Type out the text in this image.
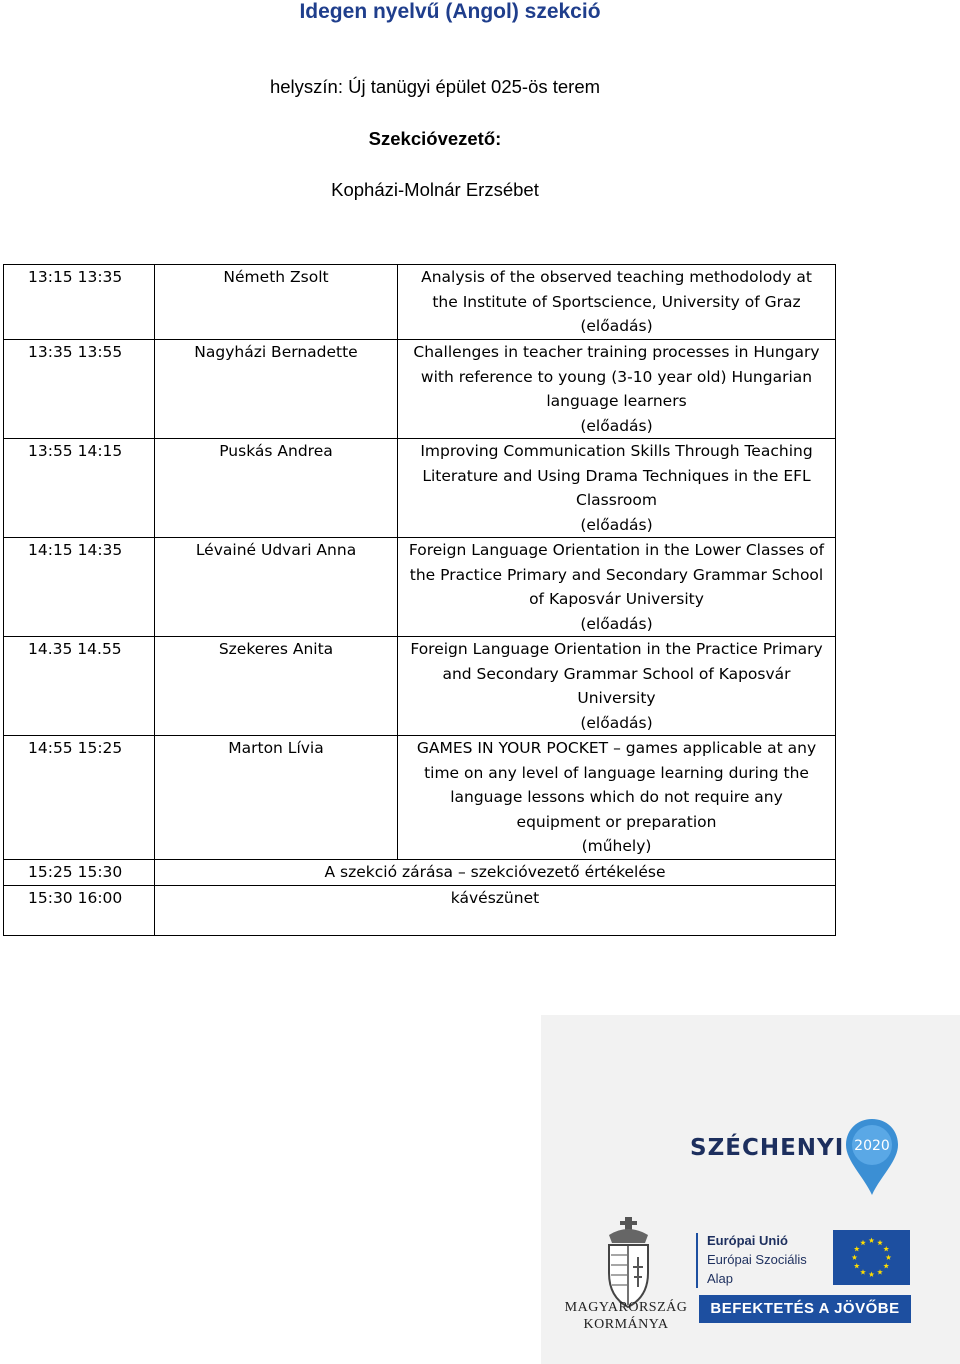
Idegen nyelvű (Angol) szekció
helyszín: Új tanügyi épület 025-ös terem
Szekcióvezető:
Kopházi-Molnár Erzsébet
13:15 13:35	Németh Zsolt	Analysis of the observed teaching methodolody at the Institute of Sportscience, University of Graz
(előadás)

13:35 13:55	Nagyházi Bernadette	Challenges in teacher training processes in Hungary with reference to young (3-10 year old) Hungarian language learners
(előadás)

13:55 14:15	Puskás Andrea	Improving Communication Skills Through Teaching Literature and Using Drama Techniques in the EFL Classroom
(előadás)

14:15 14:35	Lévainé Udvari Anna	Foreign Language Orientation in the Lower Classes of the Practice Primary and Secondary Grammar School of Kaposvár University
(előadás)

14.35 14.55	Szekeres Anita	Foreign Language Orientation in the Practice Primary and Secondary Grammar School of Kaposvár University
(előadás)

14:55 15:25	Marton Lívia	GAMES IN YOUR POCKET – games applicable at any time on any level of language learning during the language lessons which do not require any equipment or preparation
(műhely)

15:25 15:30	A szekció zárása – szekcióvezető értékelése	
15:30 16:00	kávészünet	
SZÉCHENYI 2020
MAGYARORSZÁG
KORMÁNYA
Európai Unió
Európai Szociális
Alap
BEFEKTETÉS A JÖVŐBE
